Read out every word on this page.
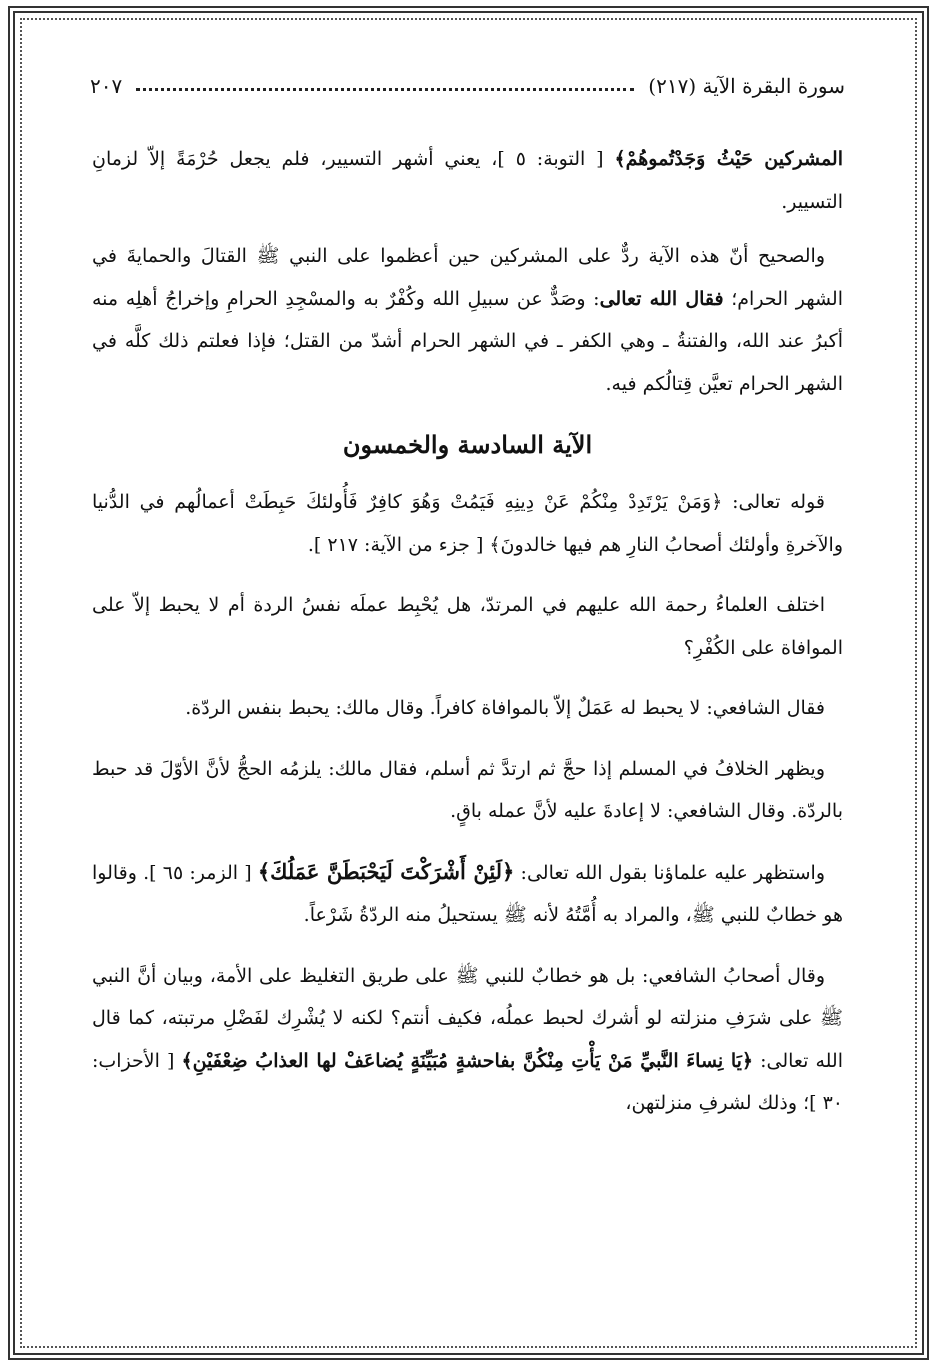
سورة البقرة الآية (٢١٧)
٢٠٧

المشركين حَيْثُ وَجَدْتُموهُمْ﴾ [ التوبة: ٥ ]، يعني أشهر التسيير، فلم يجعل حُرْمَةً إلاّ لزمانِ التسيير.

والصحيح أنّ هذه الآية ردٌّ على المشركين حين أعظموا على النبي ﷺ القتالَ والحمايةَ في الشهر الحرام؛ فقال الله تعالى: وصَدٌّ عن سبيلِ الله وكُفْرٌ به والمسْجِدِ الحرامِ وإخراجُ أهلِه منه أكبرُ عند الله، والفتنةُ ـ وهي الكفر ـ في الشهر الحرام أشدّ من القتل؛ فإذا فعلتم ذلك كلَّه في الشهر الحرام تعيَّن قِتالُكم فيه.

الآية السادسة والخمسون

قوله تعالى: ﴿وَمَنْ يَرْتَدِدْ مِنْكُمْ عَنْ دِينِهِ فَيَمُتْ وَهُوَ كافِرٌ فَأُولئكَ حَبِطَتْ أعمالُهم في الدُّنيا والآخرةِ وأولئك أصحابُ النارِ هم فيها خالدونَ﴾ [ جزء من الآية: ٢١٧ ].

اختلف العلماءُ رحمة الله عليهم في المرتدّ، هل يُحْبِط عملَه نفسُ الردة أم لا يحبط إلاّ على الموافاة على الكُفْرِ؟

فقال الشافعي: لا يحبط له عَمَلٌ إلاّ بالموافاة كافراً. وقال مالك: يحبط بنفس الردّة.

ويظهر الخلافُ في المسلم إذا حجَّ ثم ارتدَّ ثم أسلم، فقال مالك: يلزمُه الحجُّ لأنَّ الأوّلَ قد حبط بالردّة. وقال الشافعي: لا إعادةَ عليه لأنَّ عمله باقٍ.

واستظهر عليه علماؤنا بقول الله تعالى: ﴿لَئِنْ أَشْرَكْتَ لَيَحْبَطَنَّ عَمَلُكَ﴾ [ الزمر: ٦٥ ]. وقالوا هو خطابٌ للنبي ﷺ، والمراد به أُمَّتُهُ لأنه ﷺ يستحيلُ منه الردّةُ شَرْعاً.

وقال أصحابُ الشافعي: بل هو خطابٌ للنبي ﷺ على طريق التغليظ على الأمة، وبيان أنَّ النبي ﷺ على شرَفِ منزلته لو أشرك لحبط عملُه، فكيف أنتم؟ لكنه لا يُشْرِك لفَضْلِ مرتبته، كما قال الله تعالى: ﴿يَا نِساءَ النَّبيِّ مَنْ يَأْتِ مِنْكُنَّ بفاحشةٍ مُبَيِّنَةٍ يُضاعَفْ لها العذابُ ضِعْفَيْنِ﴾ [ الأحزاب: ٣٠ ]؛ وذلك لشرفِ منزلتهن،
